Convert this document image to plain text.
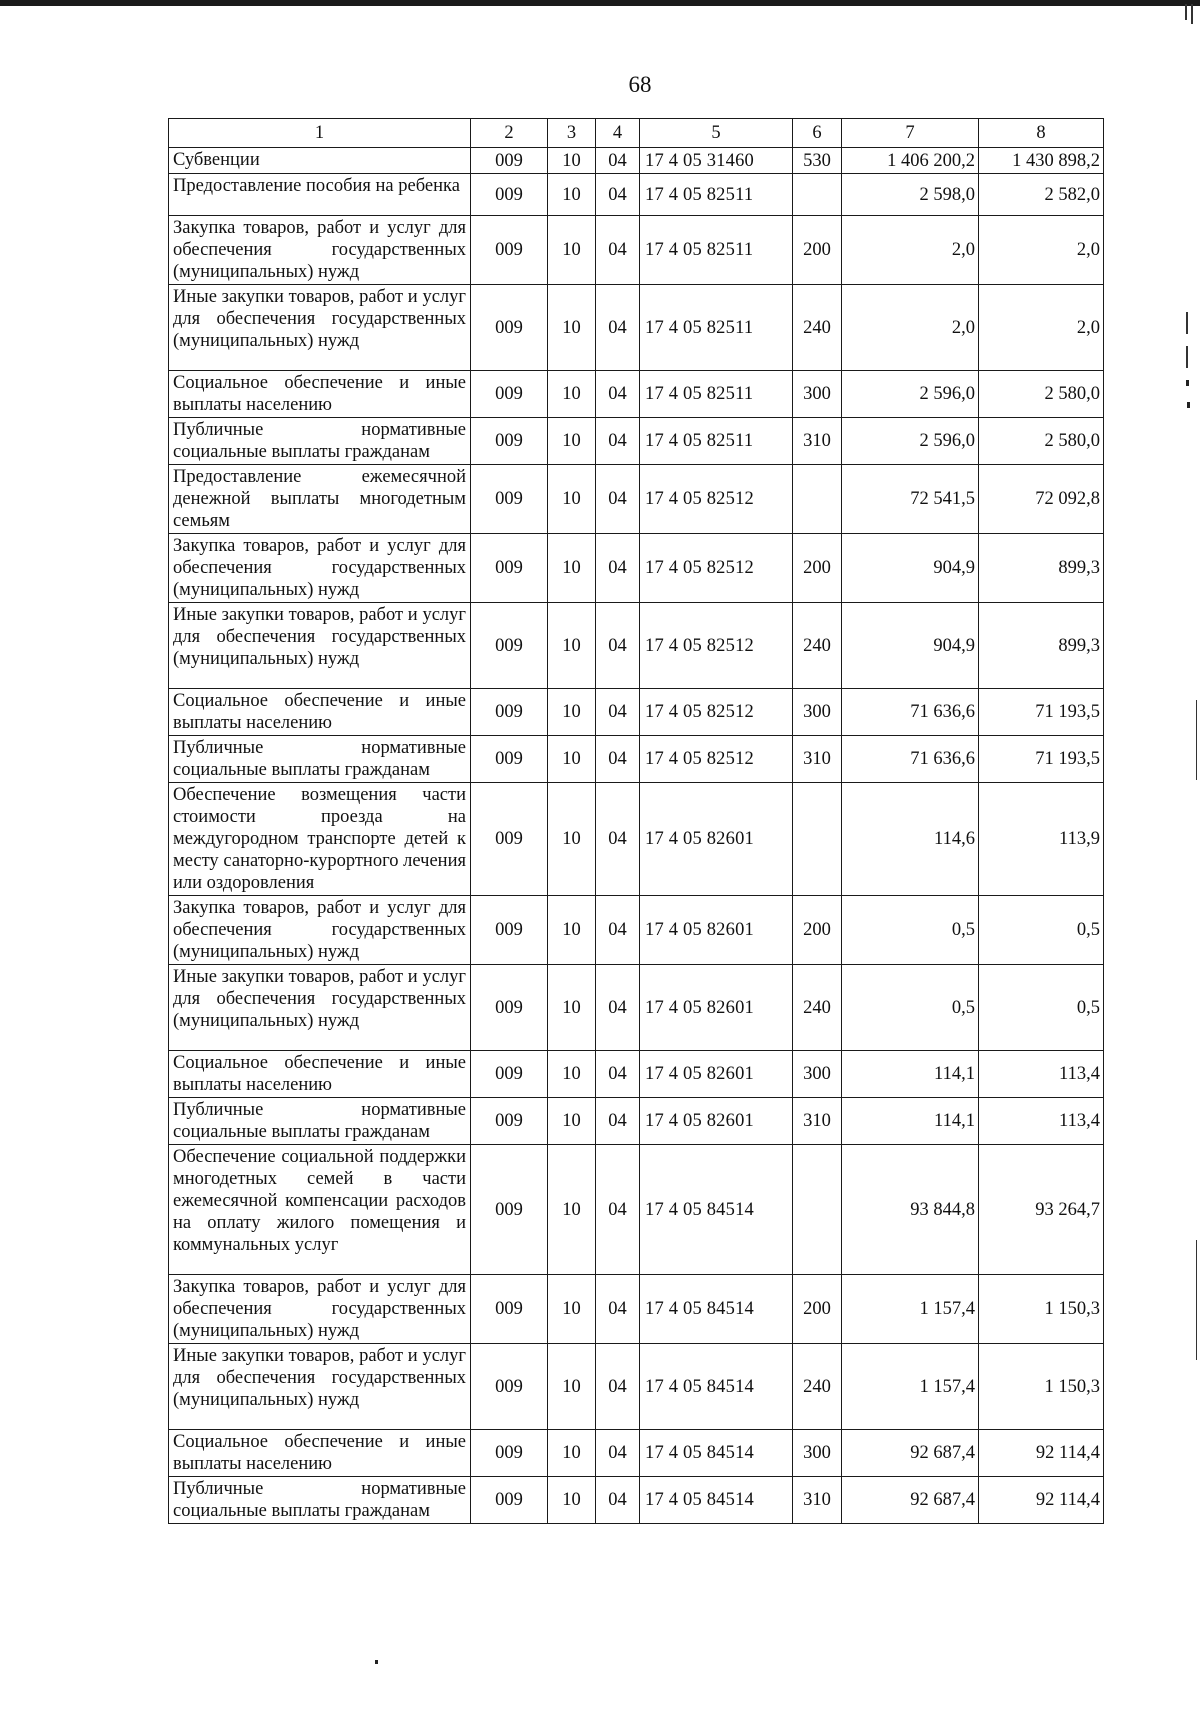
68
1	2	3	4	5	6	7	8
Субвенции	009	10	04	17 4 05 31460	530	1 406 200,2	1 430 898,2
Предоставление пособия на ребенка	009	10	04	17 4 05 82511		2 598,0	2 582,0
Закупка товаров, работ и услуг для обеспечения государственных (муниципальных) нужд	009	10	04	17 4 05 82511	200	2,0	2,0
Иные закупки товаров, работ и услуг для обеспечения государственных (муниципальных) нужд	009	10	04	17 4 05 82511	240	2,0	2,0
Социальное обеспечение и иные выплаты населению	009	10	04	17 4 05 82511	300	2 596,0	2 580,0
Публичные нормативные социальные выплаты гражданам	009	10	04	17 4 05 82511	310	2 596,0	2 580,0
Предоставление ежемесячной денежной выплаты многодетным семьям	009	10	04	17 4 05 82512		72 541,5	72 092,8
Закупка товаров, работ и услуг для обеспечения государственных (муниципальных) нужд	009	10	04	17 4 05 82512	200	904,9	899,3
Иные закупки товаров, работ и услуг для обеспечения государственных (муниципальных) нужд	009	10	04	17 4 05 82512	240	904,9	899,3
Социальное обеспечение и иные выплаты населению	009	10	04	17 4 05 82512	300	71 636,6	71 193,5
Публичные нормативные социальные выплаты гражданам	009	10	04	17 4 05 82512	310	71 636,6	71 193,5
Обеспечение возмещения части стоимости проезда на междугородном транспорте детей к месту санаторно-курортного лечения или оздоровления	009	10	04	17 4 05 82601		114,6	113,9
Закупка товаров, работ и услуг для обеспечения государственных (муниципальных) нужд	009	10	04	17 4 05 82601	200	0,5	0,5
Иные закупки товаров, работ и услуг для обеспечения государственных (муниципальных) нужд	009	10	04	17 4 05 82601	240	0,5	0,5
Социальное обеспечение и иные выплаты населению	009	10	04	17 4 05 82601	300	114,1	113,4
Публичные нормативные социальные выплаты гражданам	009	10	04	17 4 05 82601	310	114,1	113,4
Обеспечение социальной поддержки многодетных семей в части ежемесячной компенсации расходов на оплату жилого помещения и коммунальных услуг	009	10	04	17 4 05 84514		93 844,8	93 264,7
Закупка товаров, работ и услуг для обеспечения государственных (муниципальных) нужд	009	10	04	17 4 05 84514	200	1 157,4	1 150,3
Иные закупки товаров, работ и услуг для обеспечения государственных (муниципальных) нужд	009	10	04	17 4 05 84514	240	1 157,4	1 150,3
Социальное обеспечение и иные выплаты населению	009	10	04	17 4 05 84514	300	92 687,4	92 114,4
Публичные нормативные социальные выплаты гражданам	009	10	04	17 4 05 84514	310	92 687,4	92 114,4
